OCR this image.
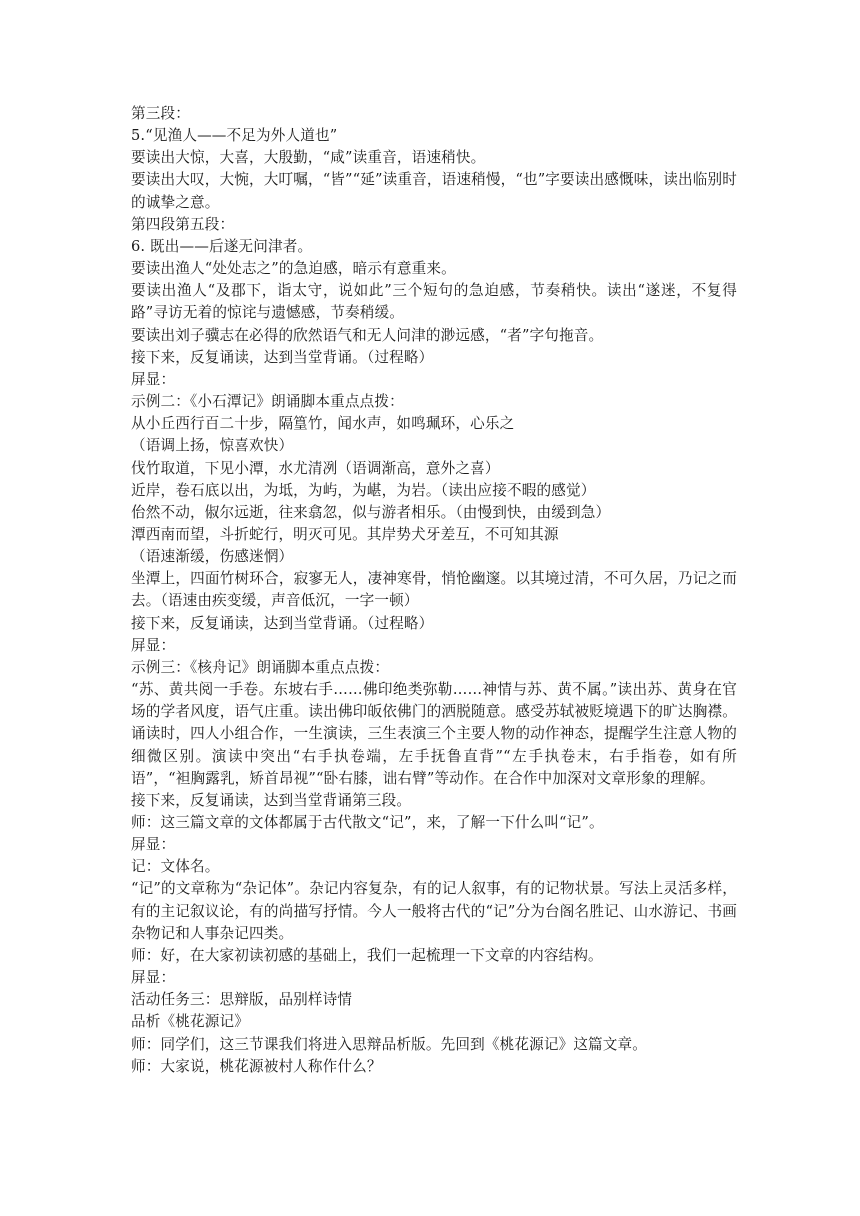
第三段：

5.“见渔人——不足为外人道也”

要读出大惊，大喜，大殷勤，“咸”读重音，语速稍快。

要读出大叹，大惋，大叮嘱，“皆”“延”读重音，语速稍慢，“也”字要读出感慨味，读出临别时的诚挚之意。

第四段第五段：

6. 既出——后遂无问津者。

要读出渔人“处处志之”的急迫感，暗示有意重来。

要读出渔人“及郡下，诣太守，说如此”三个短句的急迫感，节奏稍快。读出“遂迷，不复得路”寻访无着的惊诧与遗憾感，节奏稍缓。

要读出刘子骥志在必得的欣然语气和无人问津的渺远感，“者”字句拖音。

接下来，反复诵读，达到当堂背诵。（过程略）

屏显：

示例二：《小石潭记》朗诵脚本重点点拨：

从小丘西行百二十步，隔篁竹，闻水声，如鸣珮环，心乐之

（语调上扬，惊喜欢快）

伐竹取道，下见小潭，水尤清冽（语调渐高，意外之喜）

近岸，卷石底以出，为坻，为屿，为嵁，为岩。（读出应接不暇的感觉）

佁然不动，俶尔远逝，往来翕忽，似与游者相乐。（由慢到快，由缓到急）

潭西南而望，斗折蛇行，明灭可见。其岸势犬牙差互，不可知其源

（语速渐缓，伤感迷惘）

坐潭上，四面竹树环合，寂寥无人，凄神寒骨，悄怆幽邃。以其境过清，不可久居，乃记之而去。（语速由疾变缓，声音低沉，一字一顿）

接下来，反复诵读，达到当堂背诵。（过程略）

屏显：

示例三：《核舟记》朗诵脚本重点点拨：

“苏、黄共阅一手卷。东坡右手……佛印绝类弥勒……神情与苏、黄不属。”读出苏、黄身在官场的学者风度，语气庄重。读出佛印皈依佛门的洒脱随意。感受苏轼被贬境遇下的旷达胸襟。诵读时，四人小组合作，一生演读，三生表演三个主要人物的动作神态，提醒学生注意人物的细微区别。演读中突出“右手执卷端，左手抚鲁直背”“左手执卷末，右手指卷，如有所语”，“袒胸露乳，矫首昂视”“卧右膝，诎右臂”等动作。在合作中加深对文章形象的理解。

接下来，反复诵读，达到当堂背诵第三段。

师：这三篇文章的文体都属于古代散文“记”，来，了解一下什么叫“记”。

屏显：

记：文体名。

“记”的文章称为“杂记体”。杂记内容复杂，有的记人叙事，有的记物状景。写法上灵活多样，有的主记叙议论，有的尚描写抒情。今人一般将古代的“记”分为台阁名胜记、山水游记、书画杂物记和人事杂记四类。

师：好，在大家初读初感的基础上，我们一起梳理一下文章的内容结构。

屏显：

活动任务三：思辩版，品别样诗情

品析《桃花源记》

师：同学们，这三节课我们将进入思辩品析版。先回到《桃花源记》这篇文章。

师：大家说，桃花源被村人称作什么？
